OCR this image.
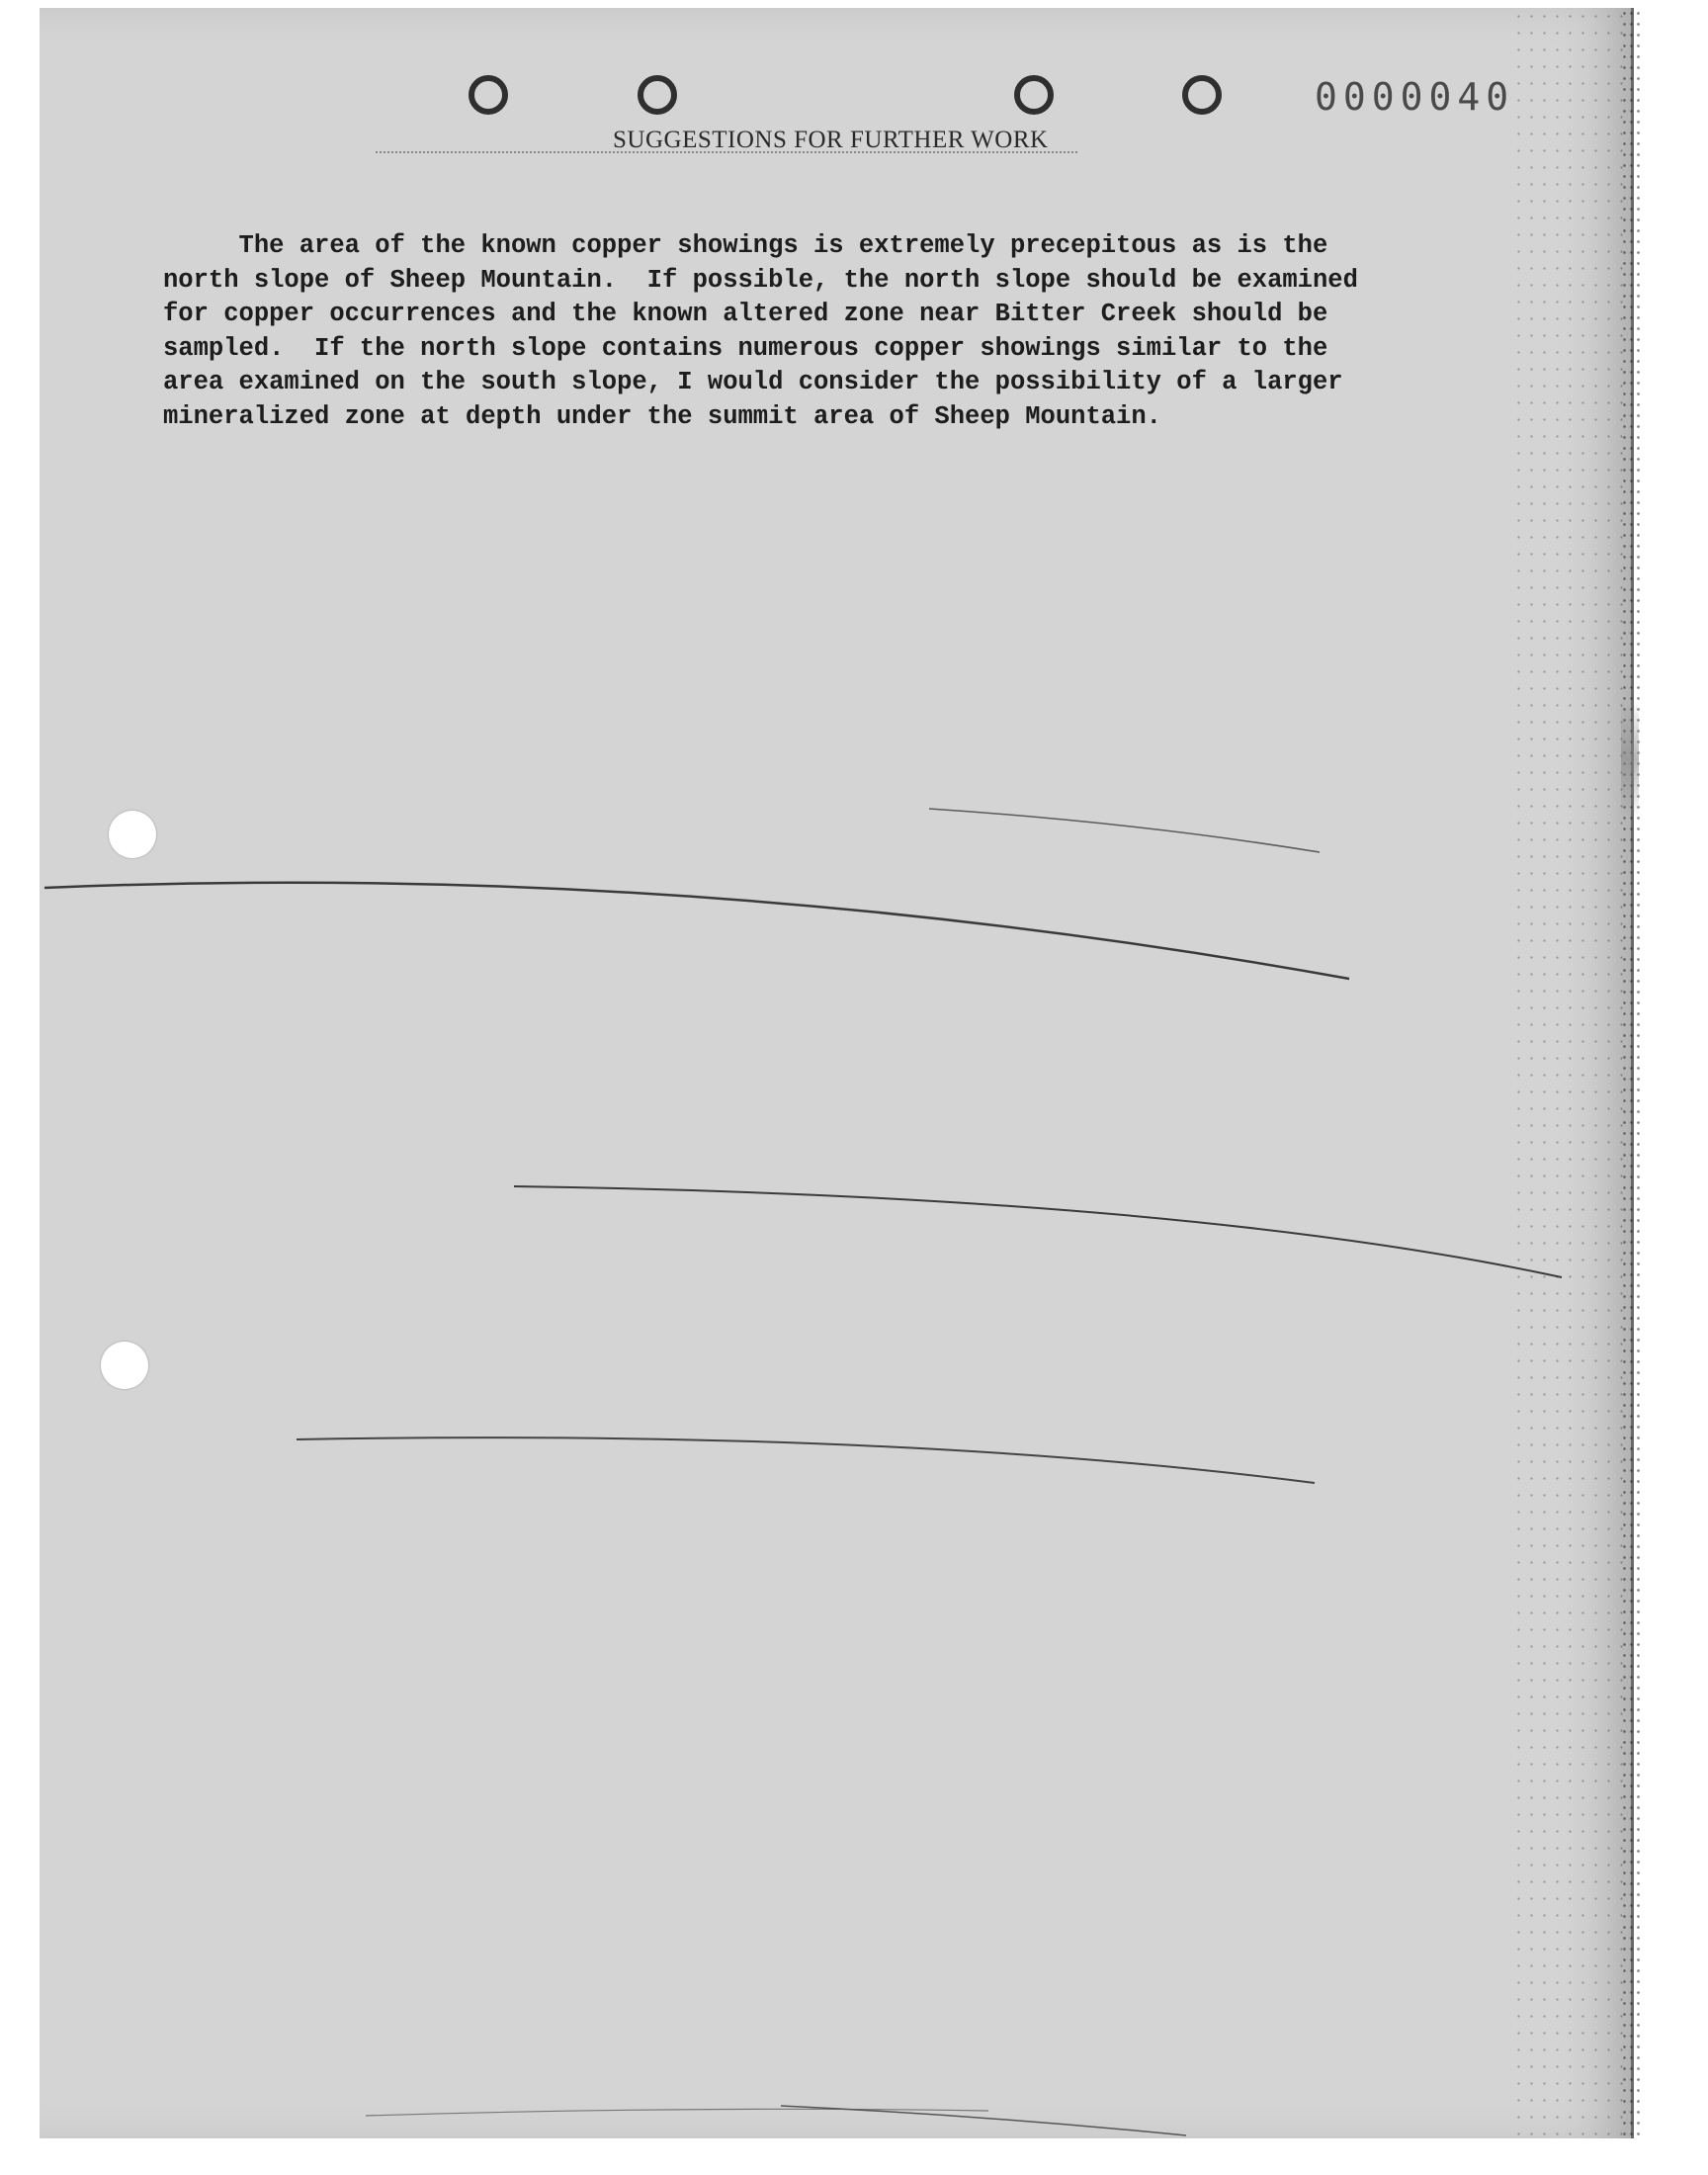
0000040
SUGGESTIONS FOR FURTHER WORK
The area of the known copper showings is extremely precepitous as is the
north slope of Sheep Mountain.  If possible, the north slope should be examined
for copper occurrences and the known altered zone near Bitter Creek should be
sampled.  If the north slope contains numerous copper showings similar to the
area examined on the south slope, I would consider the possibility of a larger
mineralized zone at depth under the summit area of Sheep Mountain.
